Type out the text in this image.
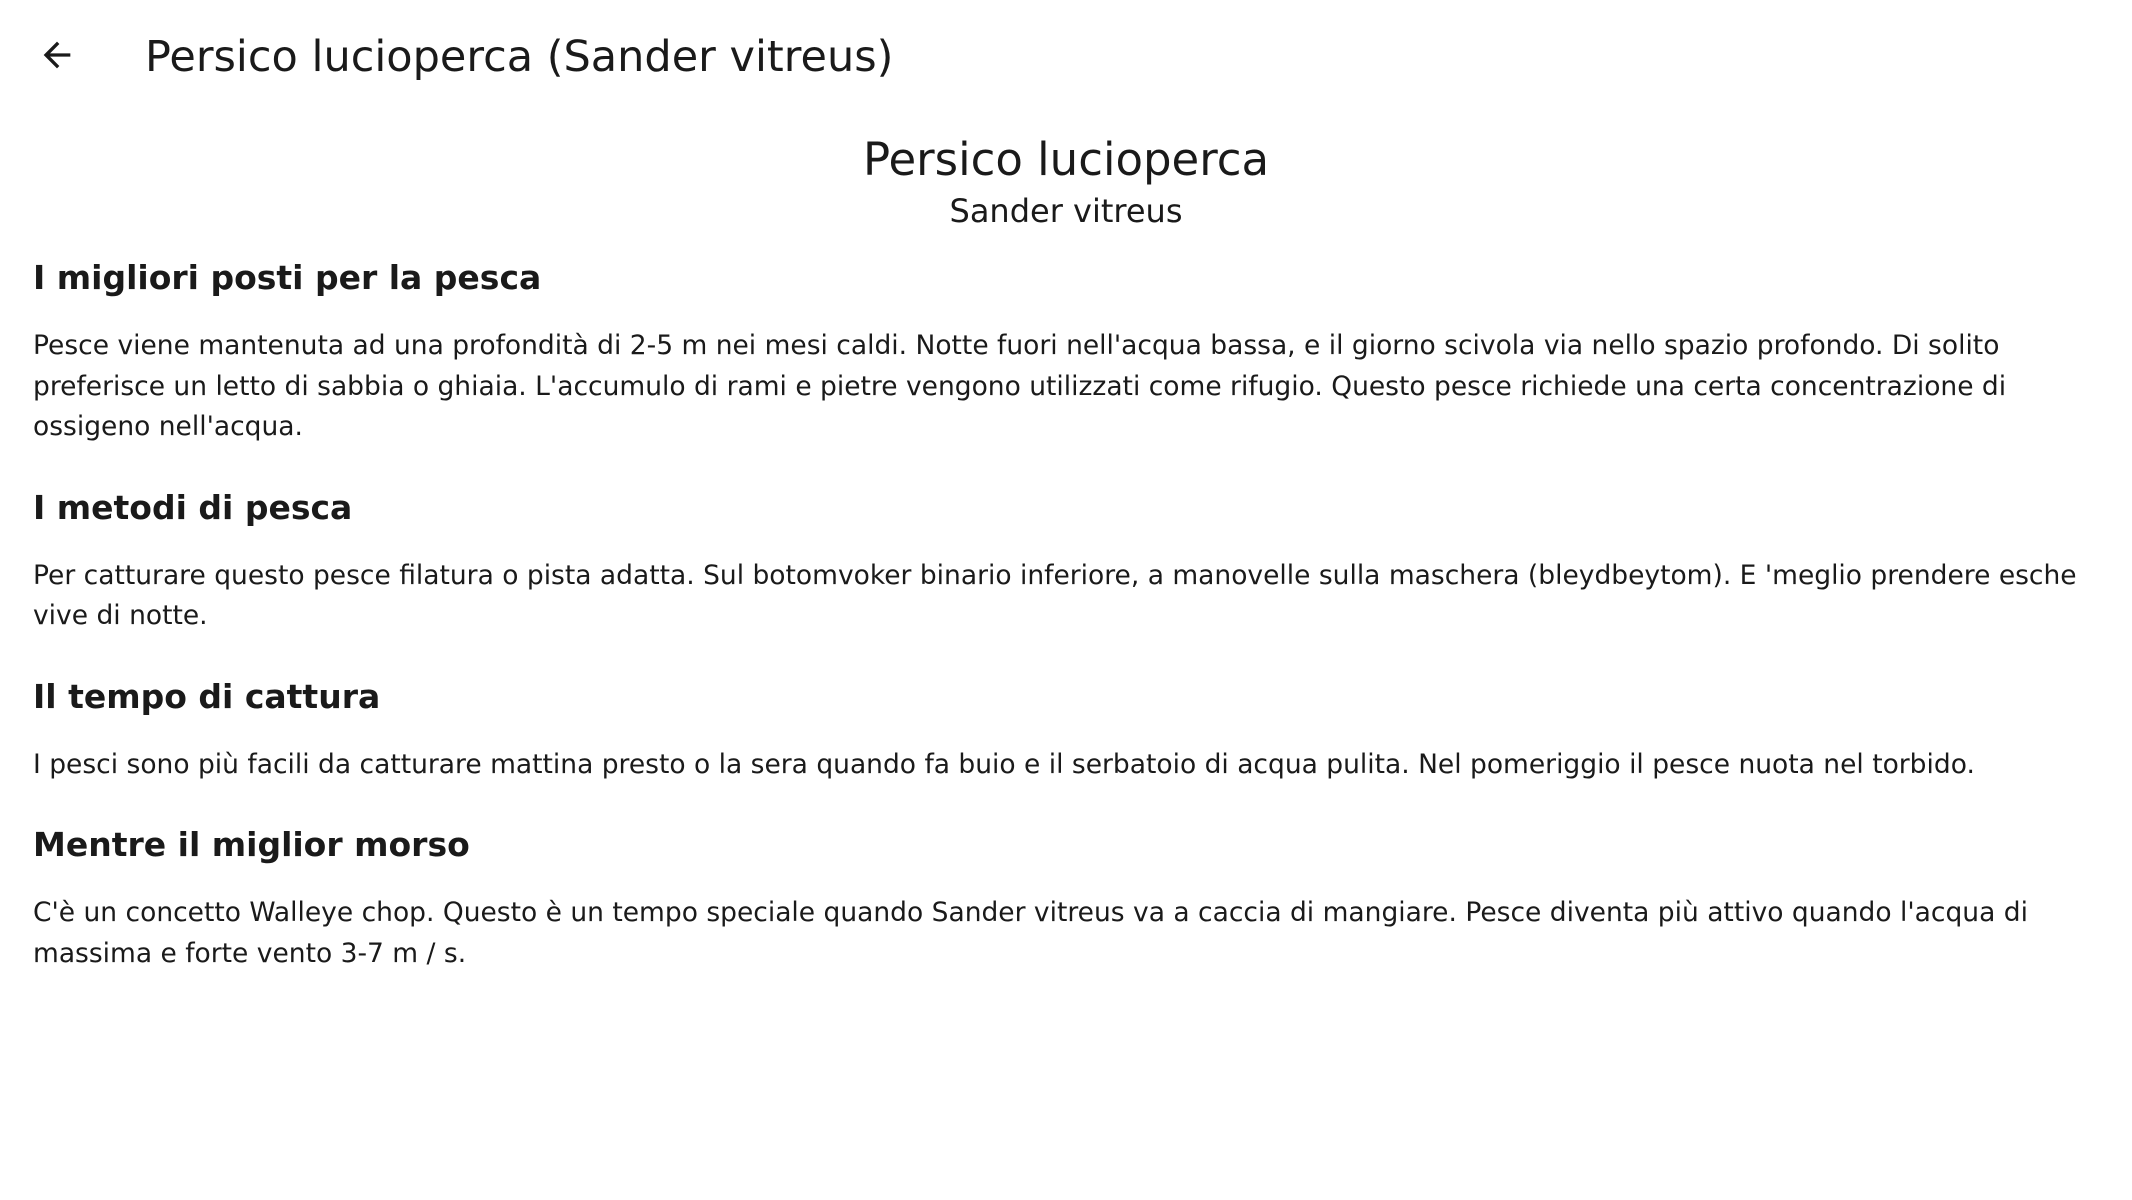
Persico lucioperca (Sander vitreus)
Persico lucioperca
Sander vitreus
I migliori posti per la pesca

Pesce viene mantenuta ad una profondità di 2-5 m nei mesi caldi. Notte fuori nell'acqua bassa, e il giorno scivola via nello spazio profondo. Di solito preferisce un letto di sabbia o ghiaia. L'accumulo di rami e pietre vengono utilizzati come rifugio. Questo pesce richiede una certa concentrazione di ossigeno nell'acqua.

I metodi di pesca

Per catturare questo pesce filatura o pista adatta. Sul botomvoker binario inferiore, a manovelle sulla maschera (bleydbeytom). E 'meglio prendere esche vive di notte.

Il tempo di cattura

I pesci sono più facili da catturare mattina presto o la sera quando fa buio e il serbatoio di acqua pulita. Nel pomeriggio il pesce nuota nel torbido.

Mentre il miglior morso

C'è un concetto Walleye chop. Questo è un tempo speciale quando Sander vitreus va a caccia di mangiare. Pesce diventa più attivo quando l'acqua di massima e forte vento 3-7 m / s.
